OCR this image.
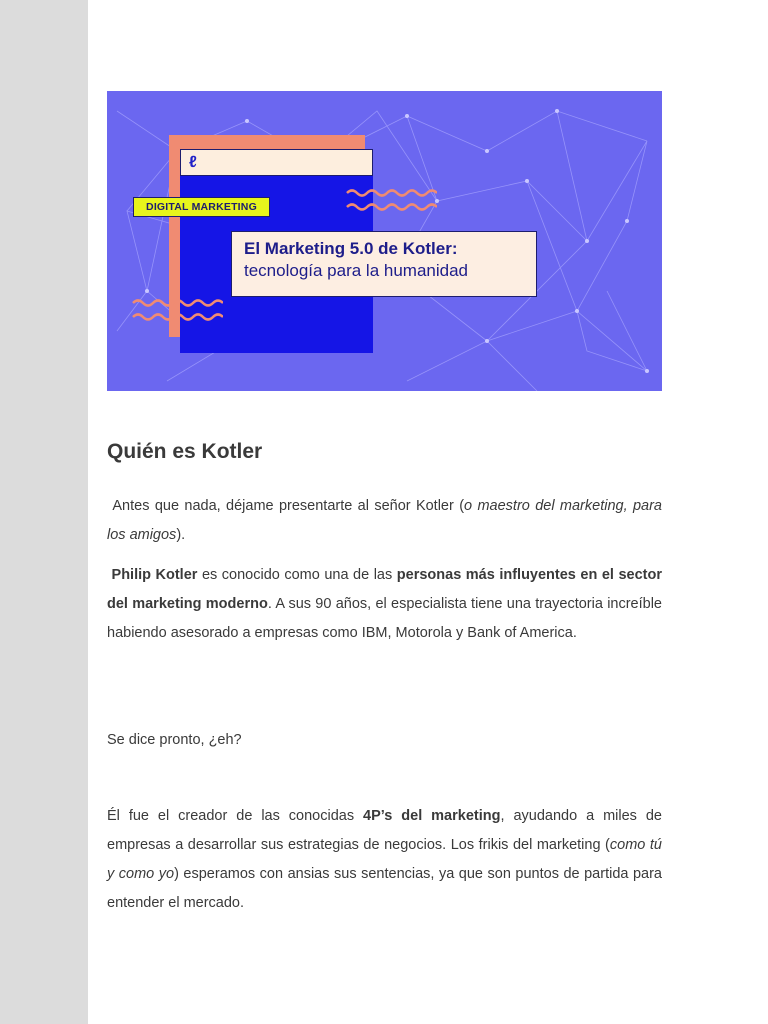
ℓ
DIGITAL MARKETING
El Marketing 5.0 de Kotler:
tecnología para la humanidad
Quién es Kotler

Antes que nada, déjame presentarte al señor Kotler (o maestro del marketing, para los amigos).

Philip Kotler es conocido como una de las personas más influyentes en el sector del marketing moderno. A sus 90 años, el especialista tiene una trayectoria increíble habiendo asesorado a empresas como IBM, Motorola y Bank of America.

Se dice pronto, ¿eh?

Él fue el creador de las conocidas 4P’s del marketing, ayudando a miles de empresas a desarrollar sus estrategias de negocios. Los frikis del marketing (como tú y como yo) esperamos con ansias sus sentencias, ya que son puntos de partida para entender el mercado.
